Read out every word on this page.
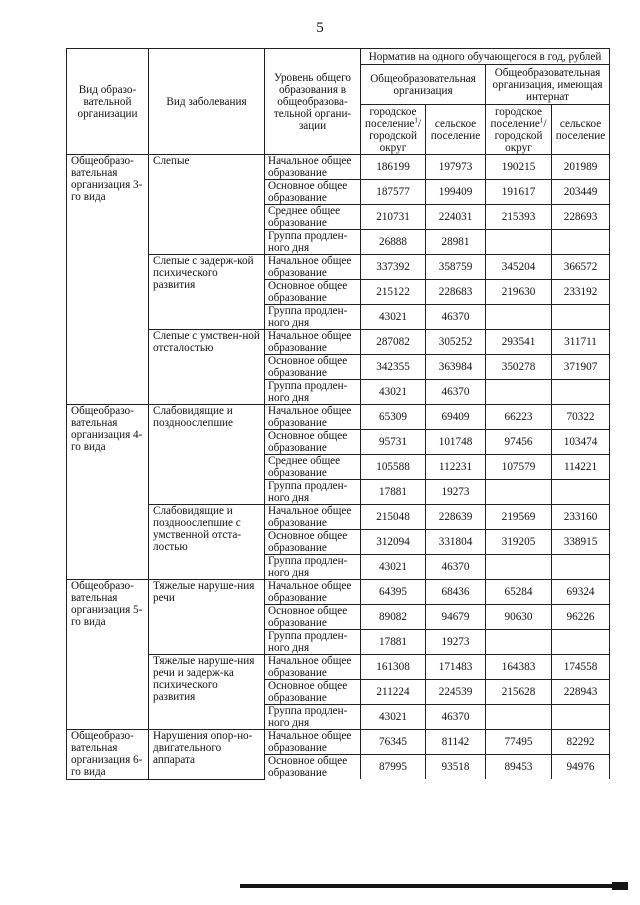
5
Вид образо-вательной организации	Вид заболевания	Уровень общего образования в общеобразова-тельной органи-зации	Норматив на одного обучающегося в год, рублей			
			Общеобразовательная организация		Общеобразовательная организация, имеющая интернат	
			городское поселение$^1$/ городской округ	сельское поселение	городское поселение$^1$/ городской округ	сельское поселение
Общеобразо-вательная организация 3-го вида	Слепые	Начальное общее образование	186199	197973	190215	201989
		Основное общее образование	187577	199409	191617	203449
		Среднее общее образование	210731	224031	215393	228693
		Группа продлен-ного дня	26888	28981		
	Слепые с задерж-кой психического развития	Начальное общее образование	337392	358759	345204	366572
		Основное общее образование	215122	228683	219630	233192
		Группа продлен-ного дня	43021	46370		
	Слепые с умствен-ной отсталостью	Начальное общее образование	287082	305252	293541	311711
		Основное общее образование	342355	363984	350278	371907
		Группа продлен-ного дня	43021	46370		
Общеобразо-вательная организация 4-го вида	Слабовидящие и поздноослепшие	Начальное общее образование	65309	69409	66223	70322
		Основное общее образование	95731	101748	97456	103474
		Среднее общее образование	105588	112231	107579	114221
		Группа продлен-ного дня	17881	19273		
	Слабовидящие и поздноослепшие с умственной отста-лостью	Начальное общее образование	215048	228639	219569	233160
		Основное общее образование	312094	331804	319205	338915
		Группа продлен-ного дня	43021	46370		
Общеобразо-вательная организация 5-го вида	Тяжелые наруше-ния речи	Начальное общее образование	64395	68436	65284	69324
		Основное общее образование	89082	94679	90630	96226
		Группа продлен-ного дня	17881	19273		
	Тяжелые наруше-ния речи и задерж-ка психического развития	Начальное общее образование	161308	171483	164383	174558
		Основное общее образование	211224	224539	215628	228943
		Группа продлен-ного дня	43021	46370		
Общеобразо-вательная организация 6-го вида	Нарушения опор-но-двигательного аппарата	Начальное общее образование	76345	81142	77495	82292
		Основное общее образование	87995	93518	89453	94976
